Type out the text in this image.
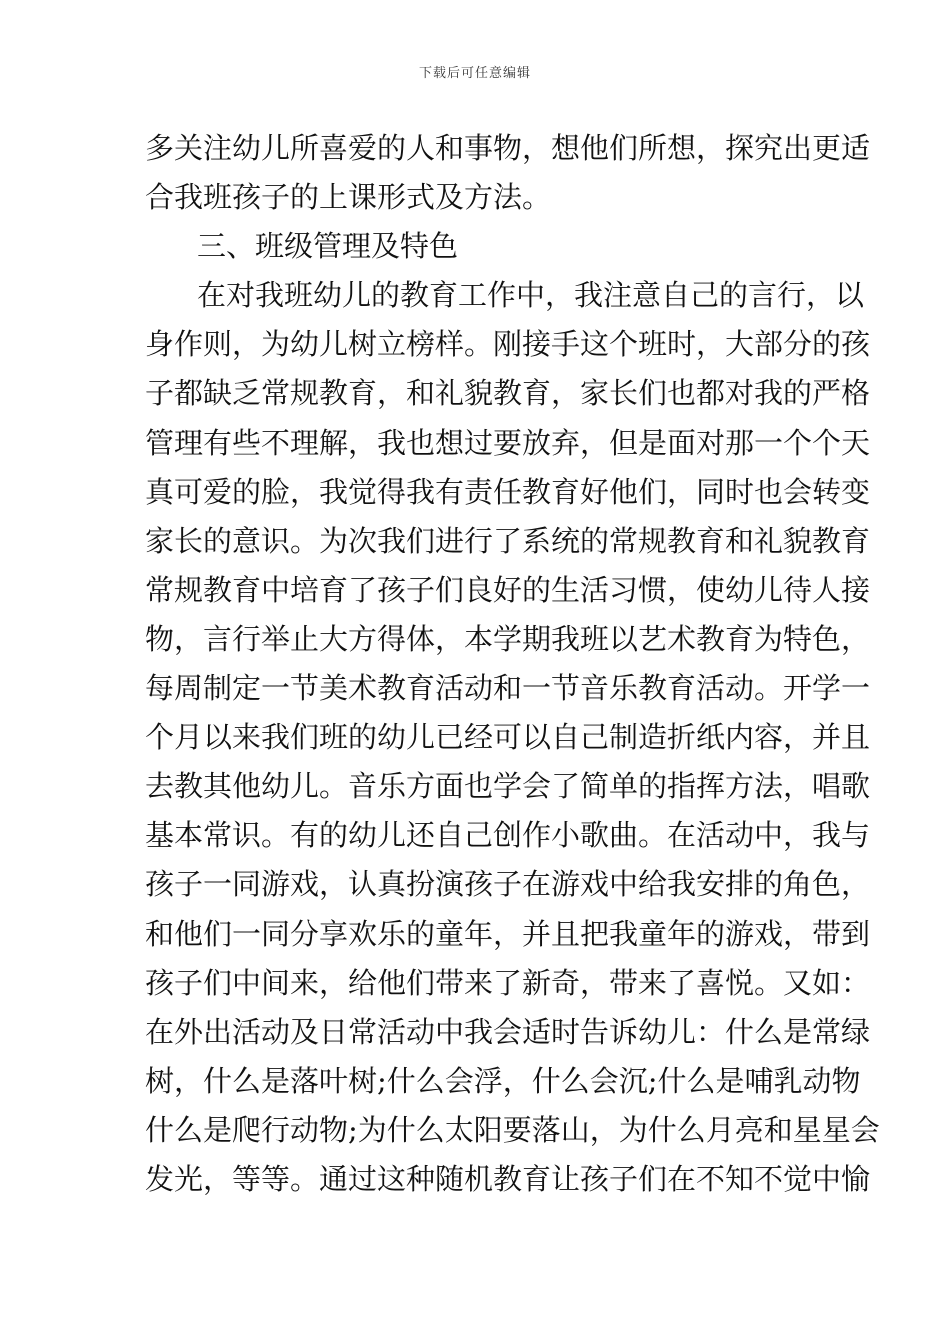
下载后可任意编辑
多关注幼儿所喜爱的人和事物，想他们所想，探究出更适
合我班孩子的上课形式及方法。
三、班级管理及特色
在对我班幼儿的教育工作中，我注意自己的言行，以
身作则，为幼儿树立榜样。刚接手这个班时，大部分的孩
子都缺乏常规教育，和礼貌教育，家长们也都对我的严格
管理有些不理解，我也想过要放弃，但是面对那一个个天
真可爱的脸，我觉得我有责任教育好他们，同时也会转变
家长的意识。为次我们进行了系统的常规教育和礼貌教育
常规教育中培育了孩子们良好的生活习惯，使幼儿待人接
物，言行举止大方得体，本学期我班以艺术教育为特色，
每周制定一节美术教育活动和一节音乐教育活动。开学一
个月以来我们班的幼儿已经可以自己制造折纸内容，并且
去教其他幼儿。音乐方面也学会了简单的指挥方法，唱歌
基本常识。有的幼儿还自己创作小歌曲。在活动中，我与
孩子一同游戏，认真扮演孩子在游戏中给我安排的角色，
和他们一同分享欢乐的童年，并且把我童年的游戏，带到
孩子们中间来，给他们带来了新奇，带来了喜悦。又如：
在外出活动及日常活动中我会适时告诉幼儿：什么是常绿
树，什么是落叶树;什么会浮，什么会沉;什么是哺乳动物
什么是爬行动物;为什么太阳要落山，为什么月亮和星星会
发光，等等。通过这种随机教育让孩子们在不知不觉中愉
